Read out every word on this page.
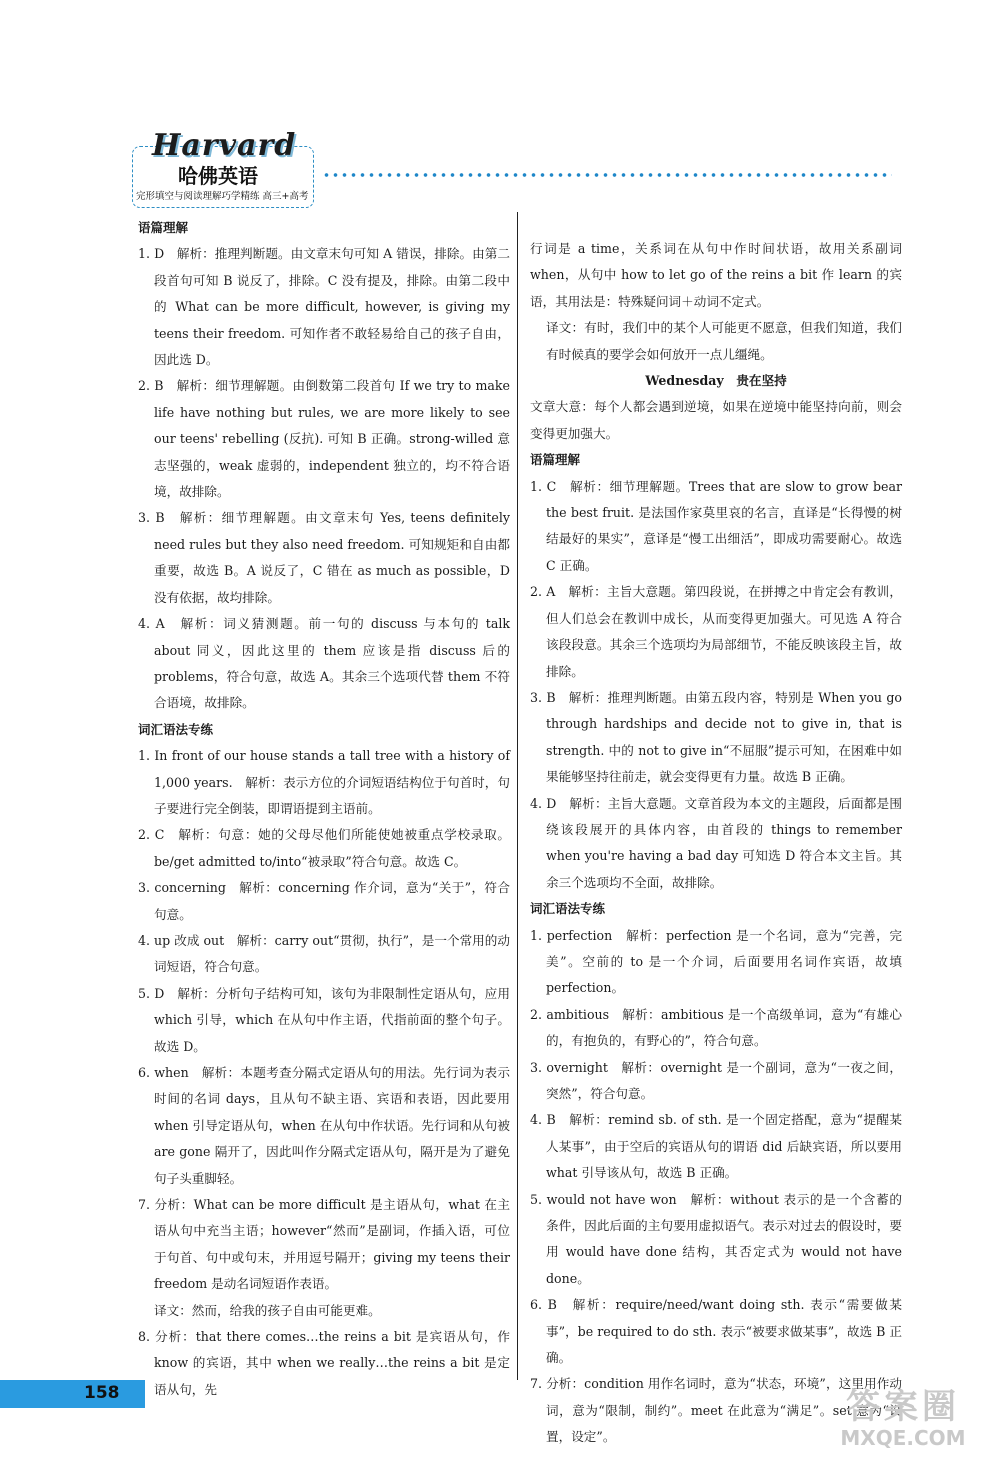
Harvard
哈佛英语
完形填空与阅读理解巧学精练 高三+高考

语篇理解

1. D　解析：推理判断题。由文章末句可知 A 错误，排除。由第二段首句可知 B 说反了，排除。C 没有提及，排除。由第二段中的 What can be more difficult, however, is giving my teens their freedom. 可知作者不敢轻易给自己的孩子自由，因此选 D。

2. B　解析：细节理解题。由倒数第二段首句 If we try to make life have nothing but rules, we are more likely to see our teens' rebelling (反抗). 可知 B 正确。strong-willed 意志坚强的，weak 虚弱的，independent 独立的，均不符合语境，故排除。

3. B　解析：细节理解题。由文章末句 Yes, teens definitely need rules but they also need freedom. 可知规矩和自由都重要，故选 B。A 说反了，C 错在 as much as possible，D 没有依据，故均排除。

4. A　解析：词义猜测题。前一句的 discuss 与本句的 talk about 同义，因此这里的 them 应该是指 discuss 后的 problems，符合句意，故选 A。其余三个选项代替 them 不符合语境，故排除。

词汇语法专练

1. In front of our house stands a tall tree with a history of 1,000 years.　解析：表示方位的介词短语结构位于句首时，句子要进行完全倒装，即谓语提到主语前。

2. C　解析：句意：她的父母尽他们所能使她被重点学校录取。be/get admitted to/into“被录取”符合句意。故选 C。

3. concerning　解析：concerning 作介词，意为“关于”，符合句意。

4. up 改成 out　解析：carry out“贯彻，执行”，是一个常用的动词短语，符合句意。

5. D　解析：分析句子结构可知，该句为非限制性定语从句，应用 which 引导，which 在从句中作主语，代指前面的整个句子。故选 D。

6. when　解析：本题考查分隔式定语从句的用法。先行词为表示时间的名词 days，且从句不缺主语、宾语和表语，因此要用 when 引导定语从句，when 在从句中作状语。先行词和从句被 are gone 隔开了，因此叫作分隔式定语从句，隔开是为了避免句子头重脚轻。

7. 分析：What can be more difficult 是主语从句，what 在主语从句中充当主语；however“然而”是副词，作插入语，可位于句首、句中或句末，并用逗号隔开；giving my teens their freedom 是动名词短语作表语。

译文：然而，给我的孩子自由可能更难。

8. 分析：that there comes…the reins a bit 是宾语从句，作 know 的宾语，其中 when we really…the reins a bit 是定语从句，先

行词是 a time，关系词在从句中作时间状语，故用关系副词 when，从句中 how to let go of the reins a bit 作 learn 的宾语，其用法是：特殊疑问词＋动词不定式。

译文：有时，我们中的某个人可能更不愿意，但我们知道，我们有时候真的要学会如何放开一点儿缰绳。

Wednesday　贵在坚持

文章大意：每个人都会遇到逆境，如果在逆境中能坚持向前，则会变得更加强大。

语篇理解

1. C　解析：细节理解题。Trees that are slow to grow bear the best fruit. 是法国作家莫里哀的名言，直译是“长得慢的树结最好的果实”，意译是“慢工出细活”，即成功需要耐心。故选 C 正确。

2. A　解析：主旨大意题。第四段说，在拼搏之中肯定会有教训，但人们总会在教训中成长，从而变得更加强大。可见选 A 符合该段段意。其余三个选项均为局部细节，不能反映该段主旨，故排除。

3. B　解析：推理判断题。由第五段内容，特别是 When you go through hardships and decide not to give in, that is strength. 中的 not to give in“不屈服”提示可知，在困难中如果能够坚持往前走，就会变得更有力量。故选 B 正确。

4. D　解析：主旨大意题。文章首段为本文的主题段，后面都是围绕该段展开的具体内容，由首段的 things to remember when you're having a bad day 可知选 D 符合本文主旨。其余三个选项均不全面，故排除。

词汇语法专练

1. perfection　解析：perfection 是一个名词，意为“完善，完美”。空前的 to 是一个介词，后面要用名词作宾语，故填 perfection。

2. ambitious　解析：ambitious 是一个高级单词，意为“有雄心的，有抱负的，有野心的”，符合句意。

3. overnight　解析：overnight 是一个副词，意为“一夜之间，突然”，符合句意。

4. B　解析：remind sb. of sth. 是一个固定搭配，意为“提醒某人某事”，由于空后的宾语从句的谓语 did 后缺宾语，所以要用 what 引导该从句，故选 B 正确。

5. would not have won　解析：without 表示的是一个含蓄的条件，因此后面的主句要用虚拟语气。表示对过去的假设时，要用 would have done 结构，其否定式为 would not have done。

6. B　解析：require/need/want doing sth. 表示“需要做某事”，be required to do sth. 表示“被要求做某事”，故选 B 正确。

7. 分析：condition 用作名词时，意为“状态，环境”，这里用作动词，意为“限制，制约”。meet 在此意为“满足”。set 意为“设置，设定”。

158	答案圈
MXQE.COM
